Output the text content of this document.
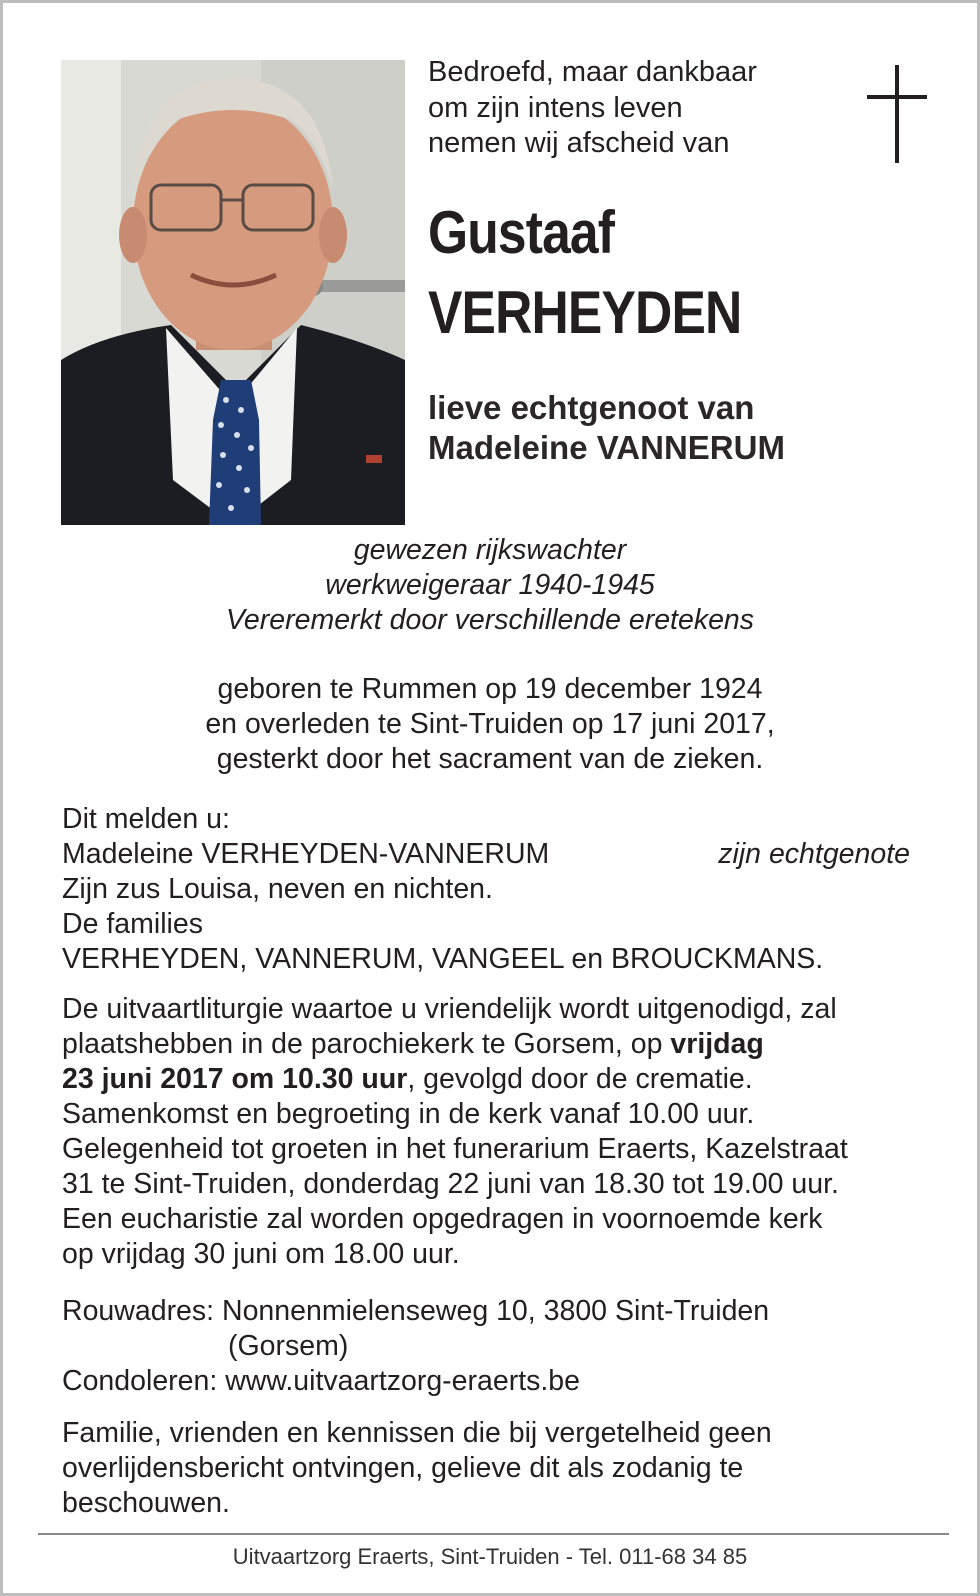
Bedroefd, maar dankbaar
om zijn intens leven
nemen wij afscheid van
Gustaaf
VERHEYDEN
lieve echtgenoot van
Madeleine VANNERUM
gewezen rijkswachter
werkweigeraar 1940-1945
Vereremerkt door verschillende eretekens
geboren te Rummen op 19 december 1924
en overleden te Sint-Truiden op 17 juni 2017,
gesterkt door het sacrament van de zieken.
Dit melden u:
Madeleine VERHEYDEN-VANNERUM	zijn echtgenote
Zijn zus Louisa, neven en nichten.
De families
VERHEYDEN, VANNERUM, VANGEEL en BROUCKMANS.
De uitvaartliturgie waartoe u vriendelijk wordt uitgenodigd, zal
plaatshebben in de parochiekerk te Gorsem, op vrijdag
23 juni 2017 om 10.30 uur, gevolgd door de crematie.
Samenkomst en begroeting in de kerk vanaf 10.00 uur.
Gelegenheid tot groeten in het funerarium Eraerts, Kazelstraat
31 te Sint-Truiden, donderdag 22 juni van 18.30 tot 19.00 uur.
Een eucharistie zal worden opgedragen in voornoemde kerk
op vrijdag 30 juni om 18.00 uur.
Rouwadres: Nonnenmielenseweg 10, 3800 Sint-Truiden
(Gorsem)
Condoleren: www.uitvaartzorg-eraerts.be
Familie, vrienden en kennissen die bij vergetelheid geen
overlijdensbericht ontvingen, gelieve dit als zodanig te
beschouwen.
Uitvaartzorg Eraerts, Sint-Truiden - Tel. 011-68 34 85
